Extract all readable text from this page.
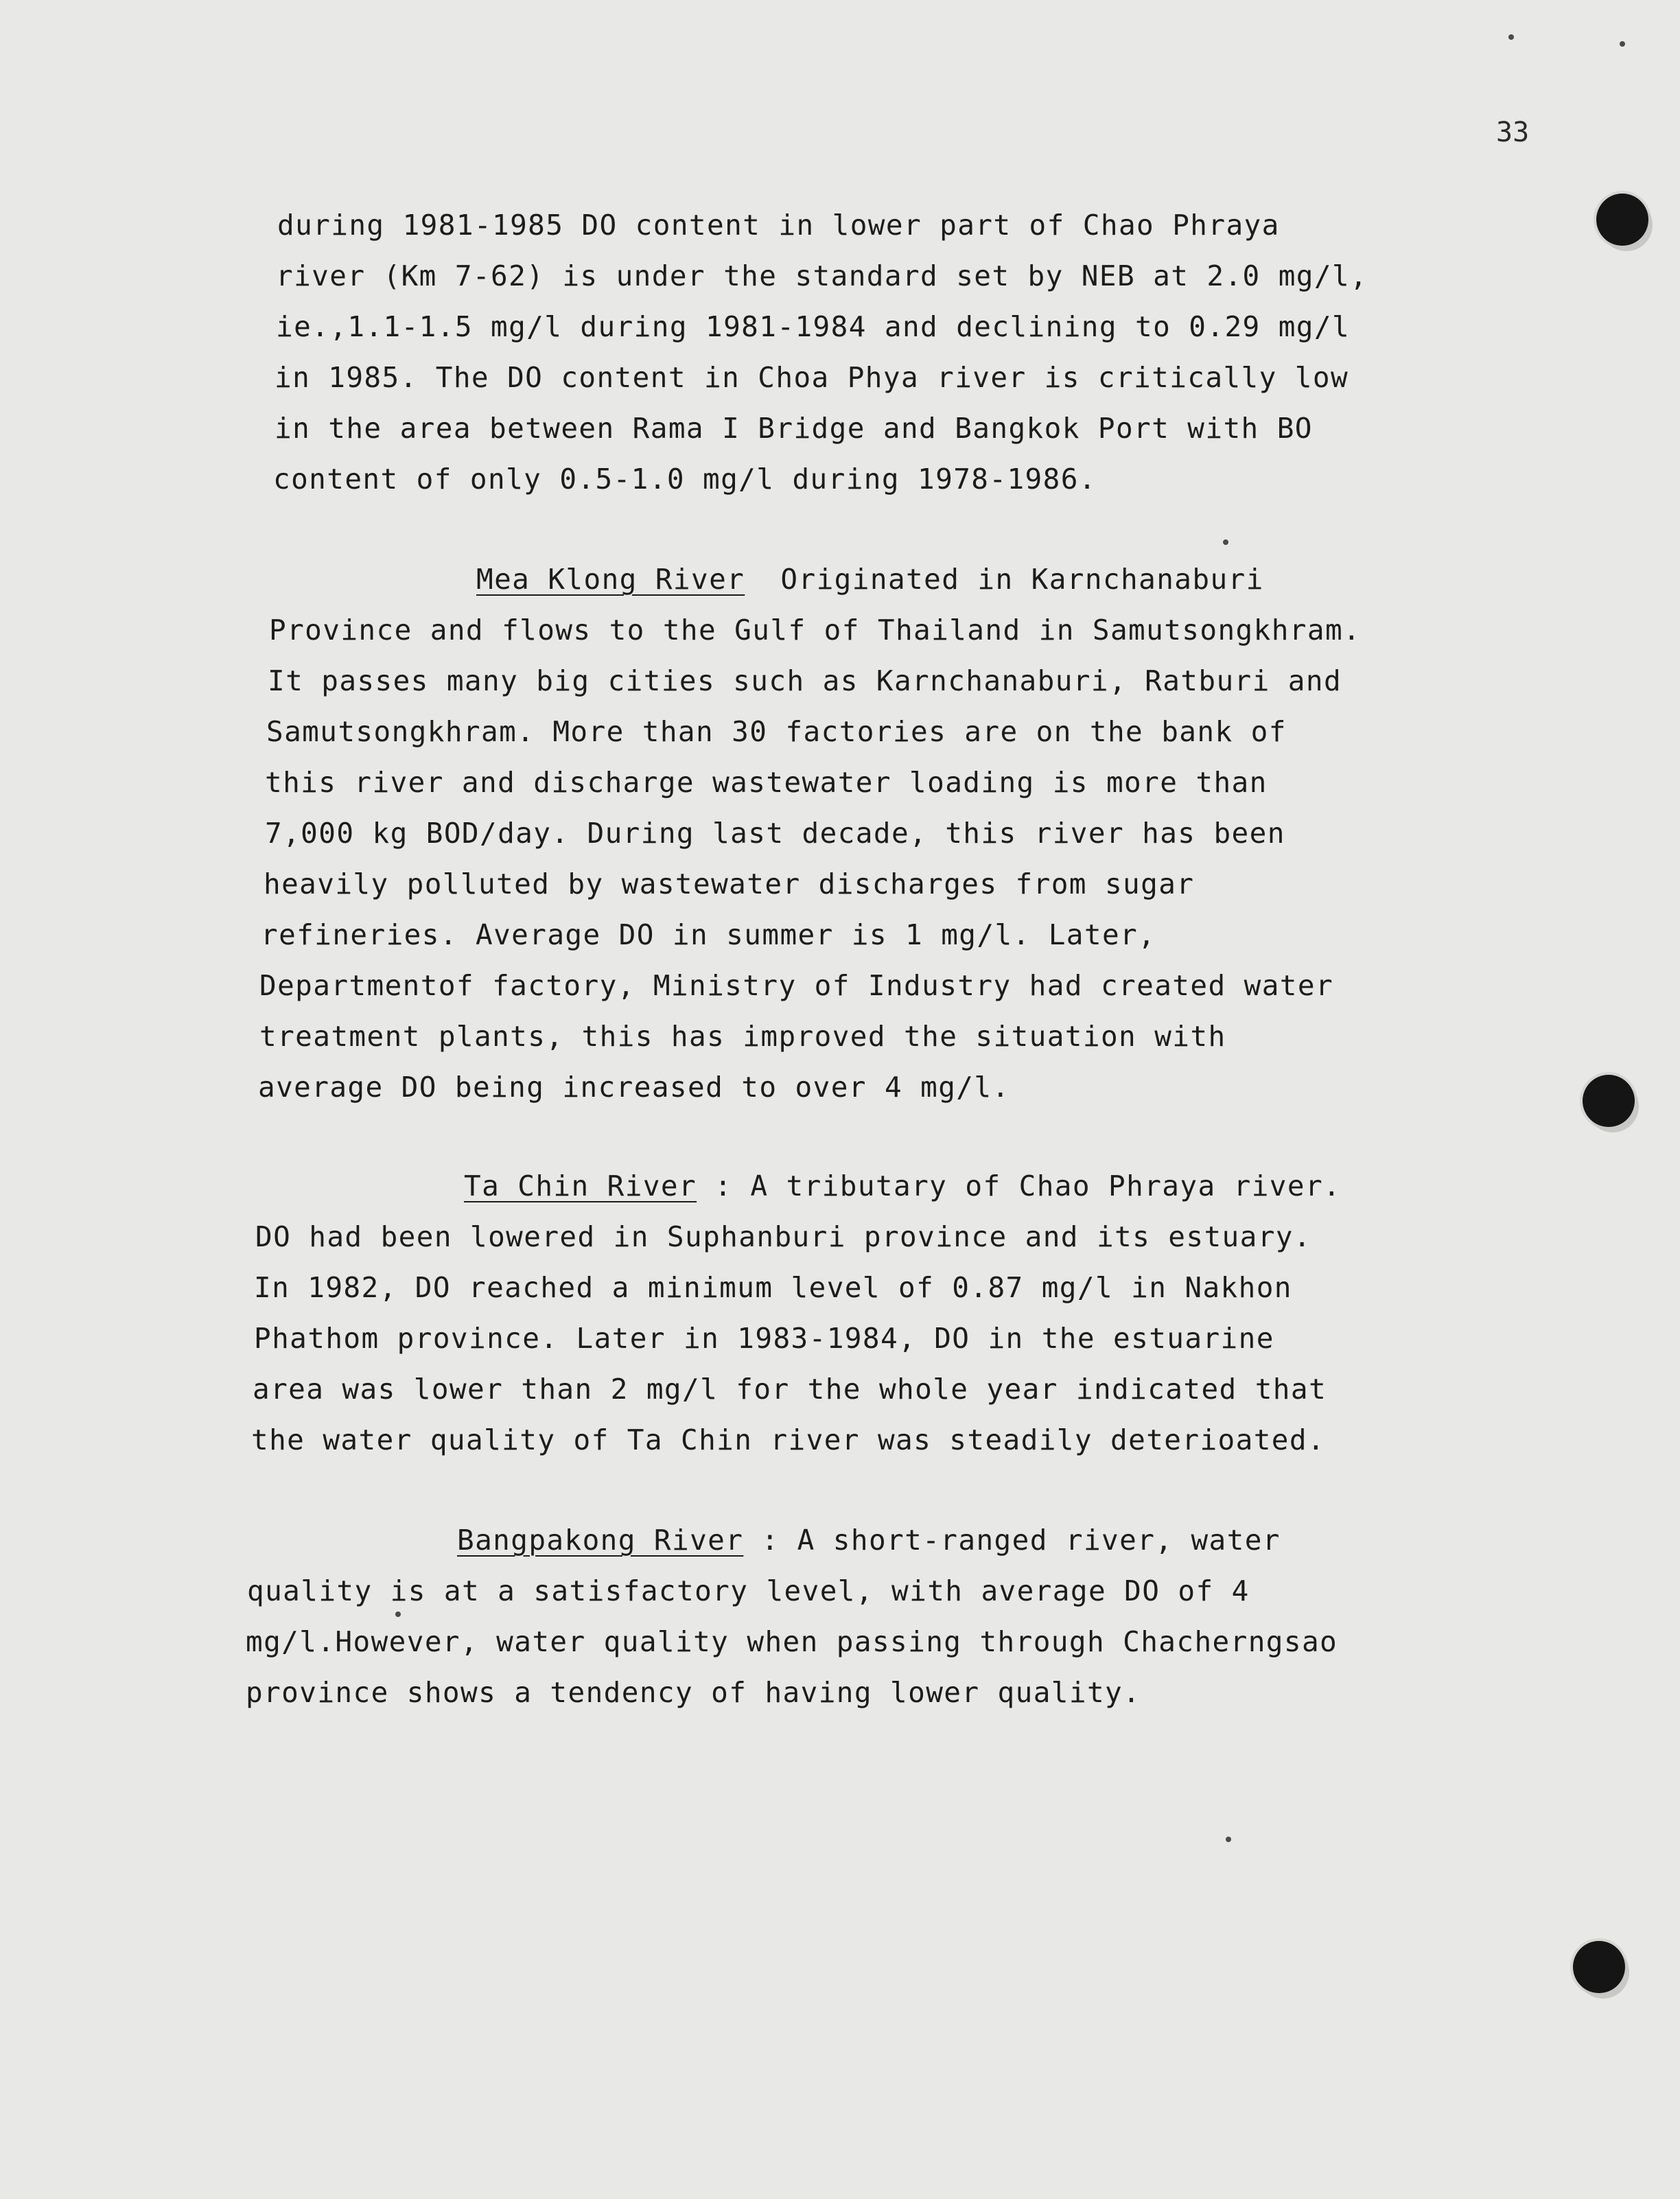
33
during 1981-1985 DO content in lower part of Chao Phraya
river (Km 7-62) is under the standard set by NEB at 2.0 mg/l,
ie.,1.1-1.5 mg/l during 1981-1984 and declining to 0.29 mg/l
in 1985. The DO content in Choa Phya river is critically low
in the area between Rama I Bridge and Bangkok Port with BO
content of only 0.5-1.0 mg/l during 1978-1986.
Mea Klong River  Originated in Karnchanaburi
Province and flows to the Gulf of Thailand in Samutsongkhram.
It passes many big cities such as Karnchanaburi, Ratburi and
Samutsongkhram. More than 30 factories are on the bank of
this river and discharge wastewater loading is more than
7,000 kg BOD/day. During last decade, this river has been
heavily polluted by wastewater discharges from sugar
refineries. Average DO in summer is 1 mg/l. Later,
Departmentof factory, Ministry of Industry had created water
treatment plants, this has improved the situation with
average DO being increased to over 4 mg/l.
Ta Chin River : A tributary of Chao Phraya river.
DO had been lowered in Suphanburi province and its estuary.
In 1982, DO reached a minimum level of 0.87 mg/l in Nakhon
Phathom province. Later in 1983-1984, DO in the estuarine
area was lower than 2 mg/l for the whole year indicated that
the water quality of Ta Chin river was steadily deterioated.
Bangpakong River : A short-ranged river, water
quality is at a satisfactory level, with average DO of 4
mg/l.However, water quality when passing through Chacherngsao
province shows a tendency of having lower quality.
